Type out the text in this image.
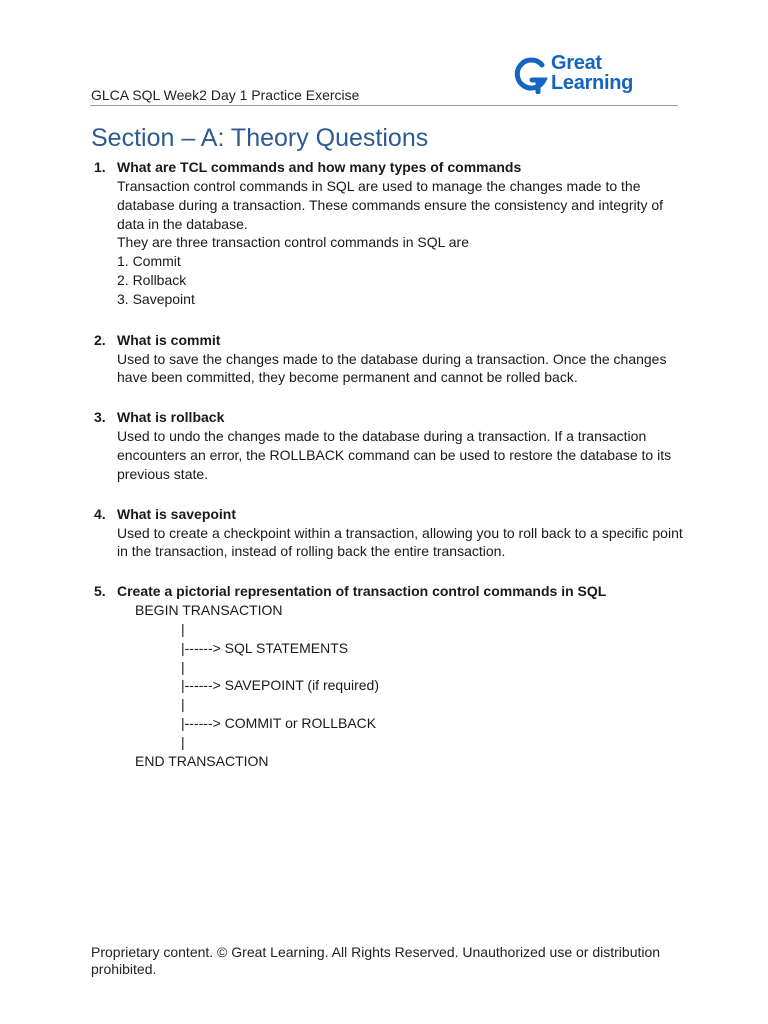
GLCA SQL Week2 Day 1 Practice Exercise
Great
Learning
Section – A: Theory Questions
1. What are TCL commands and how many types of commands

Transaction control commands in SQL are used to manage the changes made to the

database during a transaction. These commands ensure the consistency and integrity of

data in the database.

They are three transaction control commands in SQL are

1. Commit

2. Rollback

3. Savepoint

2. What is commit

Used to save the changes made to the database during a transaction. Once the changes

have been committed, they become permanent and cannot be rolled back.

3. What is rollback

Used to undo the changes made to the database during a transaction. If a transaction

encounters an error, the ROLLBACK command can be used to restore the database to its

previous state.

4. What is savepoint

Used to create a checkpoint within a transaction, allowing you to roll back to a specific point

in the transaction, instead of rolling back the entire transaction.

5. Create a pictorial representation of transaction control commands in SQL

BEGIN TRANSACTION

|

|------> SQL STATEMENTS

|

|------> SAVEPOINT (if required)

|

|------> COMMIT or ROLLBACK

|

END TRANSACTION

Proprietary content. © Great Learning. All Rights Reserved. Unauthorized use or distribution
prohibited.
